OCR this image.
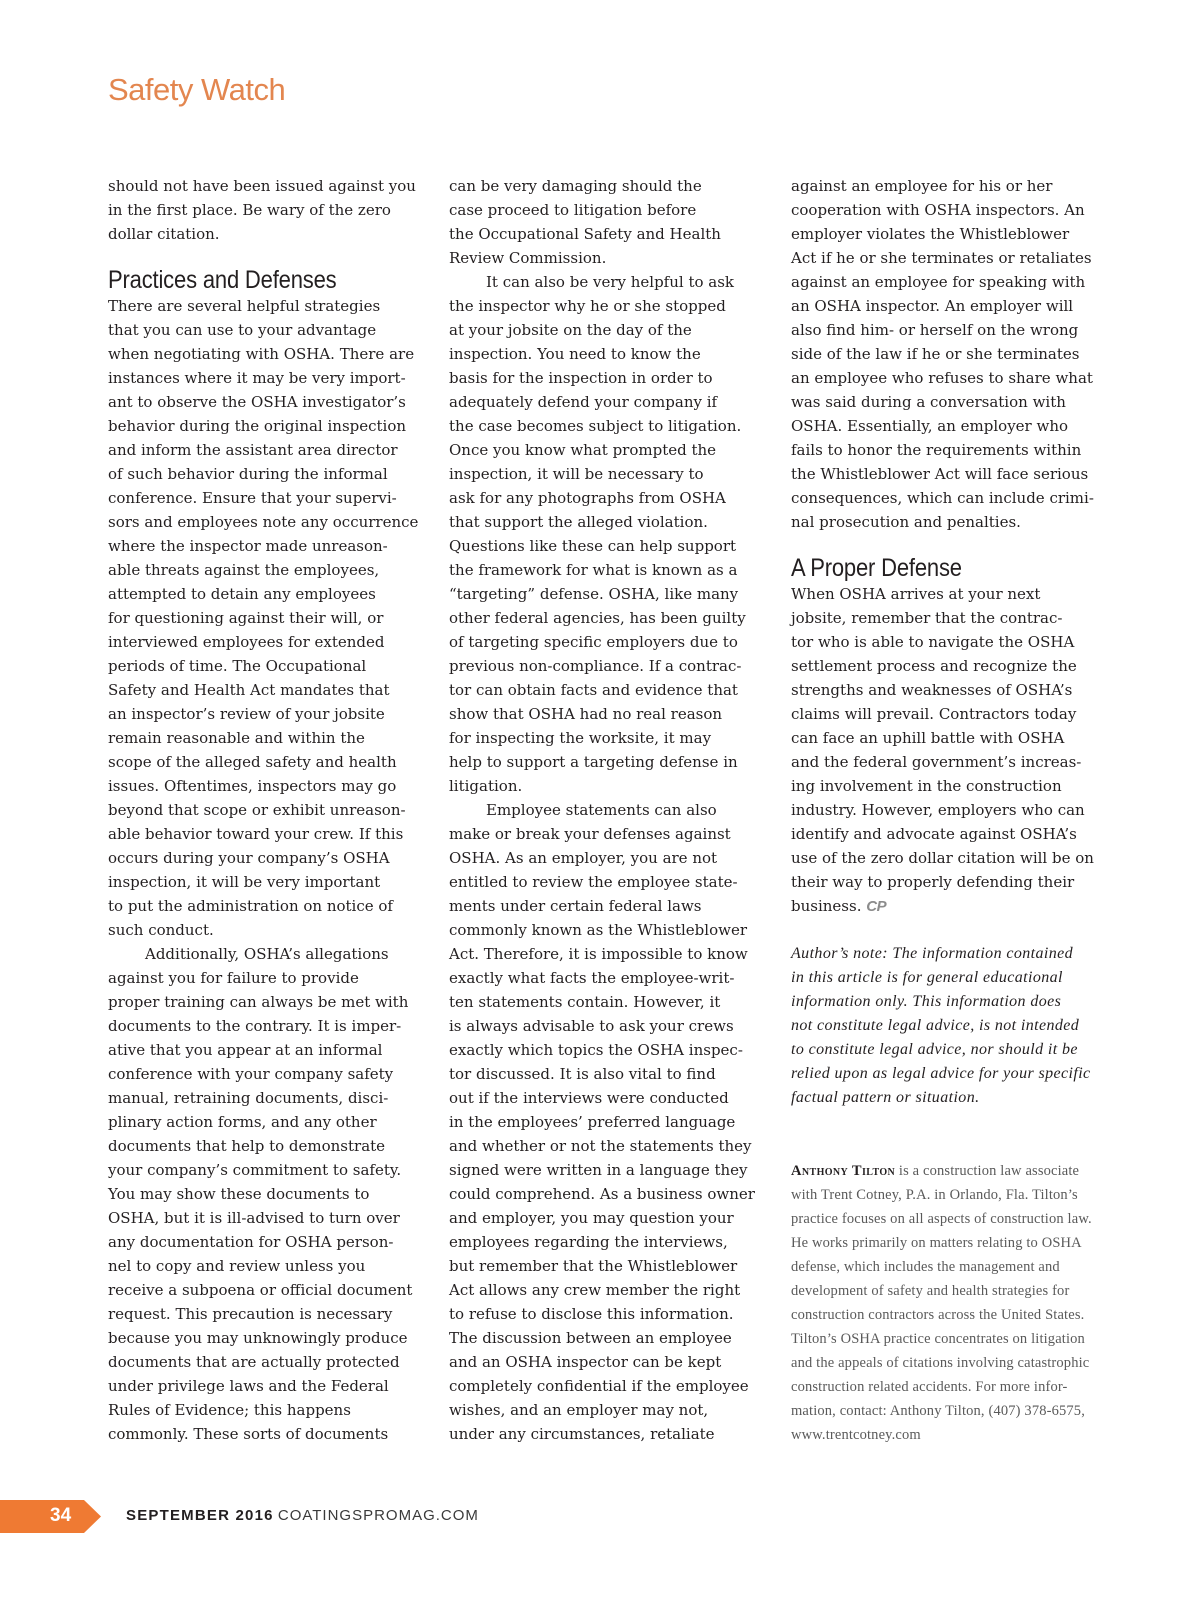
Safety Watch
should not have been issued against you
in the first place. Be wary of the zero
dollar citation.
Practices and Defenses
There are several helpful strategies
that you can use to your advantage
when negotiating with OSHA. There are
instances where it may be very import-
ant to observe the OSHA investigator’s
behavior during the original inspection
and inform the assistant area director
of such behavior during the informal
conference. Ensure that your supervi-
sors and employees note any occurrence
where the inspector made unreason-
able threats against the employees,
attempted to detain any employees
for questioning against their will, or
interviewed employees for extended
periods of time. The Occupational
Safety and Health Act mandates that
an inspector’s review of your jobsite
remain reasonable and within the
scope of the alleged safety and health
issues. Oftentimes, inspectors may go
beyond that scope or exhibit unreason-
able behavior toward your crew. If this
occurs during your company’s OSHA
inspection, it will be very important
to put the administration on notice of
such conduct.
Additionally, OSHA’s allegations
against you for failure to provide
proper training can always be met with
documents to the contrary. It is imper-
ative that you appear at an informal
conference with your company safety
manual, retraining documents, disci-
plinary action forms, and any other
documents that help to demonstrate
your company’s commitment to safety.
You may show these documents to
OSHA, but it is ill-advised to turn over
any documentation for OSHA person-
nel to copy and review unless you
receive a subpoena or official document
request. This precaution is necessary
because you may unknowingly produce
documents that are actually protected
under privilege laws and the Federal
Rules of Evidence; this happens
commonly. These sorts of documents
can be very damaging should the
case proceed to litigation before
the Occupational Safety and Health
Review Commission.
It can also be very helpful to ask
the inspector why he or she stopped
at your jobsite on the day of the
inspection. You need to know the
basis for the inspection in order to
adequately defend your company if
the case becomes subject to litigation.
Once you know what prompted the
inspection, it will be necessary to
ask for any photographs from OSHA
that support the alleged violation.
Questions like these can help support
the framework for what is known as a
“targeting” defense. OSHA, like many
other federal agencies, has been guilty
of targeting specific employers due to
previous non-compliance. If a contrac-
tor can obtain facts and evidence that
show that OSHA had no real reason
for inspecting the worksite, it may
help to support a targeting defense in
litigation.
Employee statements can also
make or break your defenses against
OSHA. As an employer, you are not
entitled to review the employee state-
ments under certain federal laws
commonly known as the Whistleblower
Act. Therefore, it is impossible to know
exactly what facts the employee-writ-
ten statements contain. However, it
is always advisable to ask your crews
exactly which topics the OSHA inspec-
tor discussed. It is also vital to find
out if the interviews were conducted
in the employees’ preferred language
and whether or not the statements they
signed were written in a language they
could comprehend. As a business owner
and employer, you may question your
employees regarding the interviews,
but remember that the Whistleblower
Act allows any crew member the right
to refuse to disclose this information.
The discussion between an employee
and an OSHA inspector can be kept
completely confidential if the employee
wishes, and an employer may not,
under any circumstances, retaliate
against an employee for his or her
cooperation with OSHA inspectors. An
employer violates the Whistleblower
Act if he or she terminates or retaliates
against an employee for speaking with
an OSHA inspector. An employer will
also find him- or herself on the wrong
side of the law if he or she terminates
an employee who refuses to share what
was said during a conversation with
OSHA. Essentially, an employer who
fails to honor the requirements within
the Whistleblower Act will face serious
consequences, which can include crimi-
nal prosecution and penalties.
A Proper Defense
When OSHA arrives at your next
jobsite, remember that the contrac-
tor who is able to navigate the OSHA
settlement process and recognize the
strengths and weaknesses of OSHA’s
claims will prevail. Contractors today
can face an uphill battle with OSHA
and the federal government’s increas-
ing involvement in the construction
industry. However, employers who can
identify and advocate against OSHA’s
use of the zero dollar citation will be on
their way to properly defending their
business. CP
Author’s note: The information contained
in this article is for general educational
information only. This information does
not constitute legal advice, is not intended
to constitute legal advice, nor should it be
relied upon as legal advice for your specific
factual pattern or situation.
Anthony Tilton is a construction law associate
with Trent Cotney, P.A. in Orlando, Fla. Tilton’s
practice focuses on all aspects of construction law.
He works primarily on matters relating to OSHA
defense, which includes the management and
development of safety and health strategies for
construction contractors across the United States.
Tilton’s OSHA practice concentrates on litigation
and the appeals of citations involving catastrophic
construction related accidents. For more infor-
mation, contact: Anthony Tilton, (407) 378-6575,
www.trentcotney.com
34	SEPTEMBER 2016 COATINGSPROMAG.COM
